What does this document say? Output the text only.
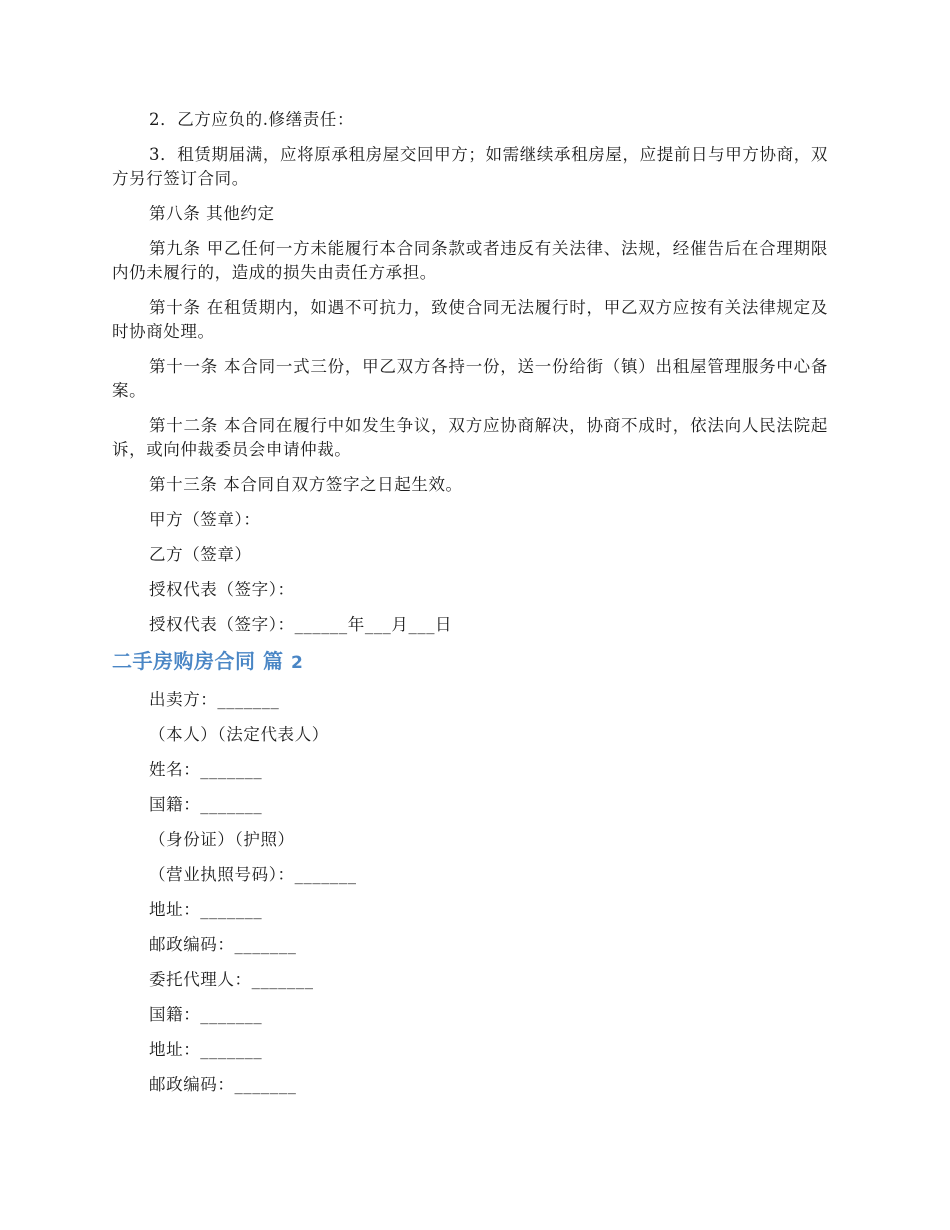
2．乙方应负的.修缮责任：
3．租赁期届满，应将原承租房屋交回甲方；如需继续承租房屋，应提前日与甲方协商，双方另行签订合同。
第八条 其他约定
第九条 甲乙任何一方未能履行本合同条款或者违反有关法律、法规，经催告后在合理期限内仍未履行的，造成的损失由责任方承担。
第十条 在租赁期内，如遇不可抗力，致使合同无法履行时，甲乙双方应按有关法律规定及时协商处理。
第十一条 本合同一式三份，甲乙双方各持一份，送一份给街（镇）出租屋管理服务中心备案。
第十二条 本合同在履行中如发生争议，双方应协商解决，协商不成时，依法向人民法院起诉，或向仲裁委员会申请仲裁。
第十三条 本合同自双方签字之日起生效。
甲方（签章）：
乙方（签章）
授权代表（签字）：
授权代表（签字）：______年___月___日
二手房购房合同 篇 2
出卖方：_______
（本人）（法定代表人）
姓名：_______
国籍：_______
（身份证）（护照）
（营业执照号码）：_______
地址：_______
邮政编码：_______
委托代理人：_______
国籍：_______
地址：_______
邮政编码：_______
